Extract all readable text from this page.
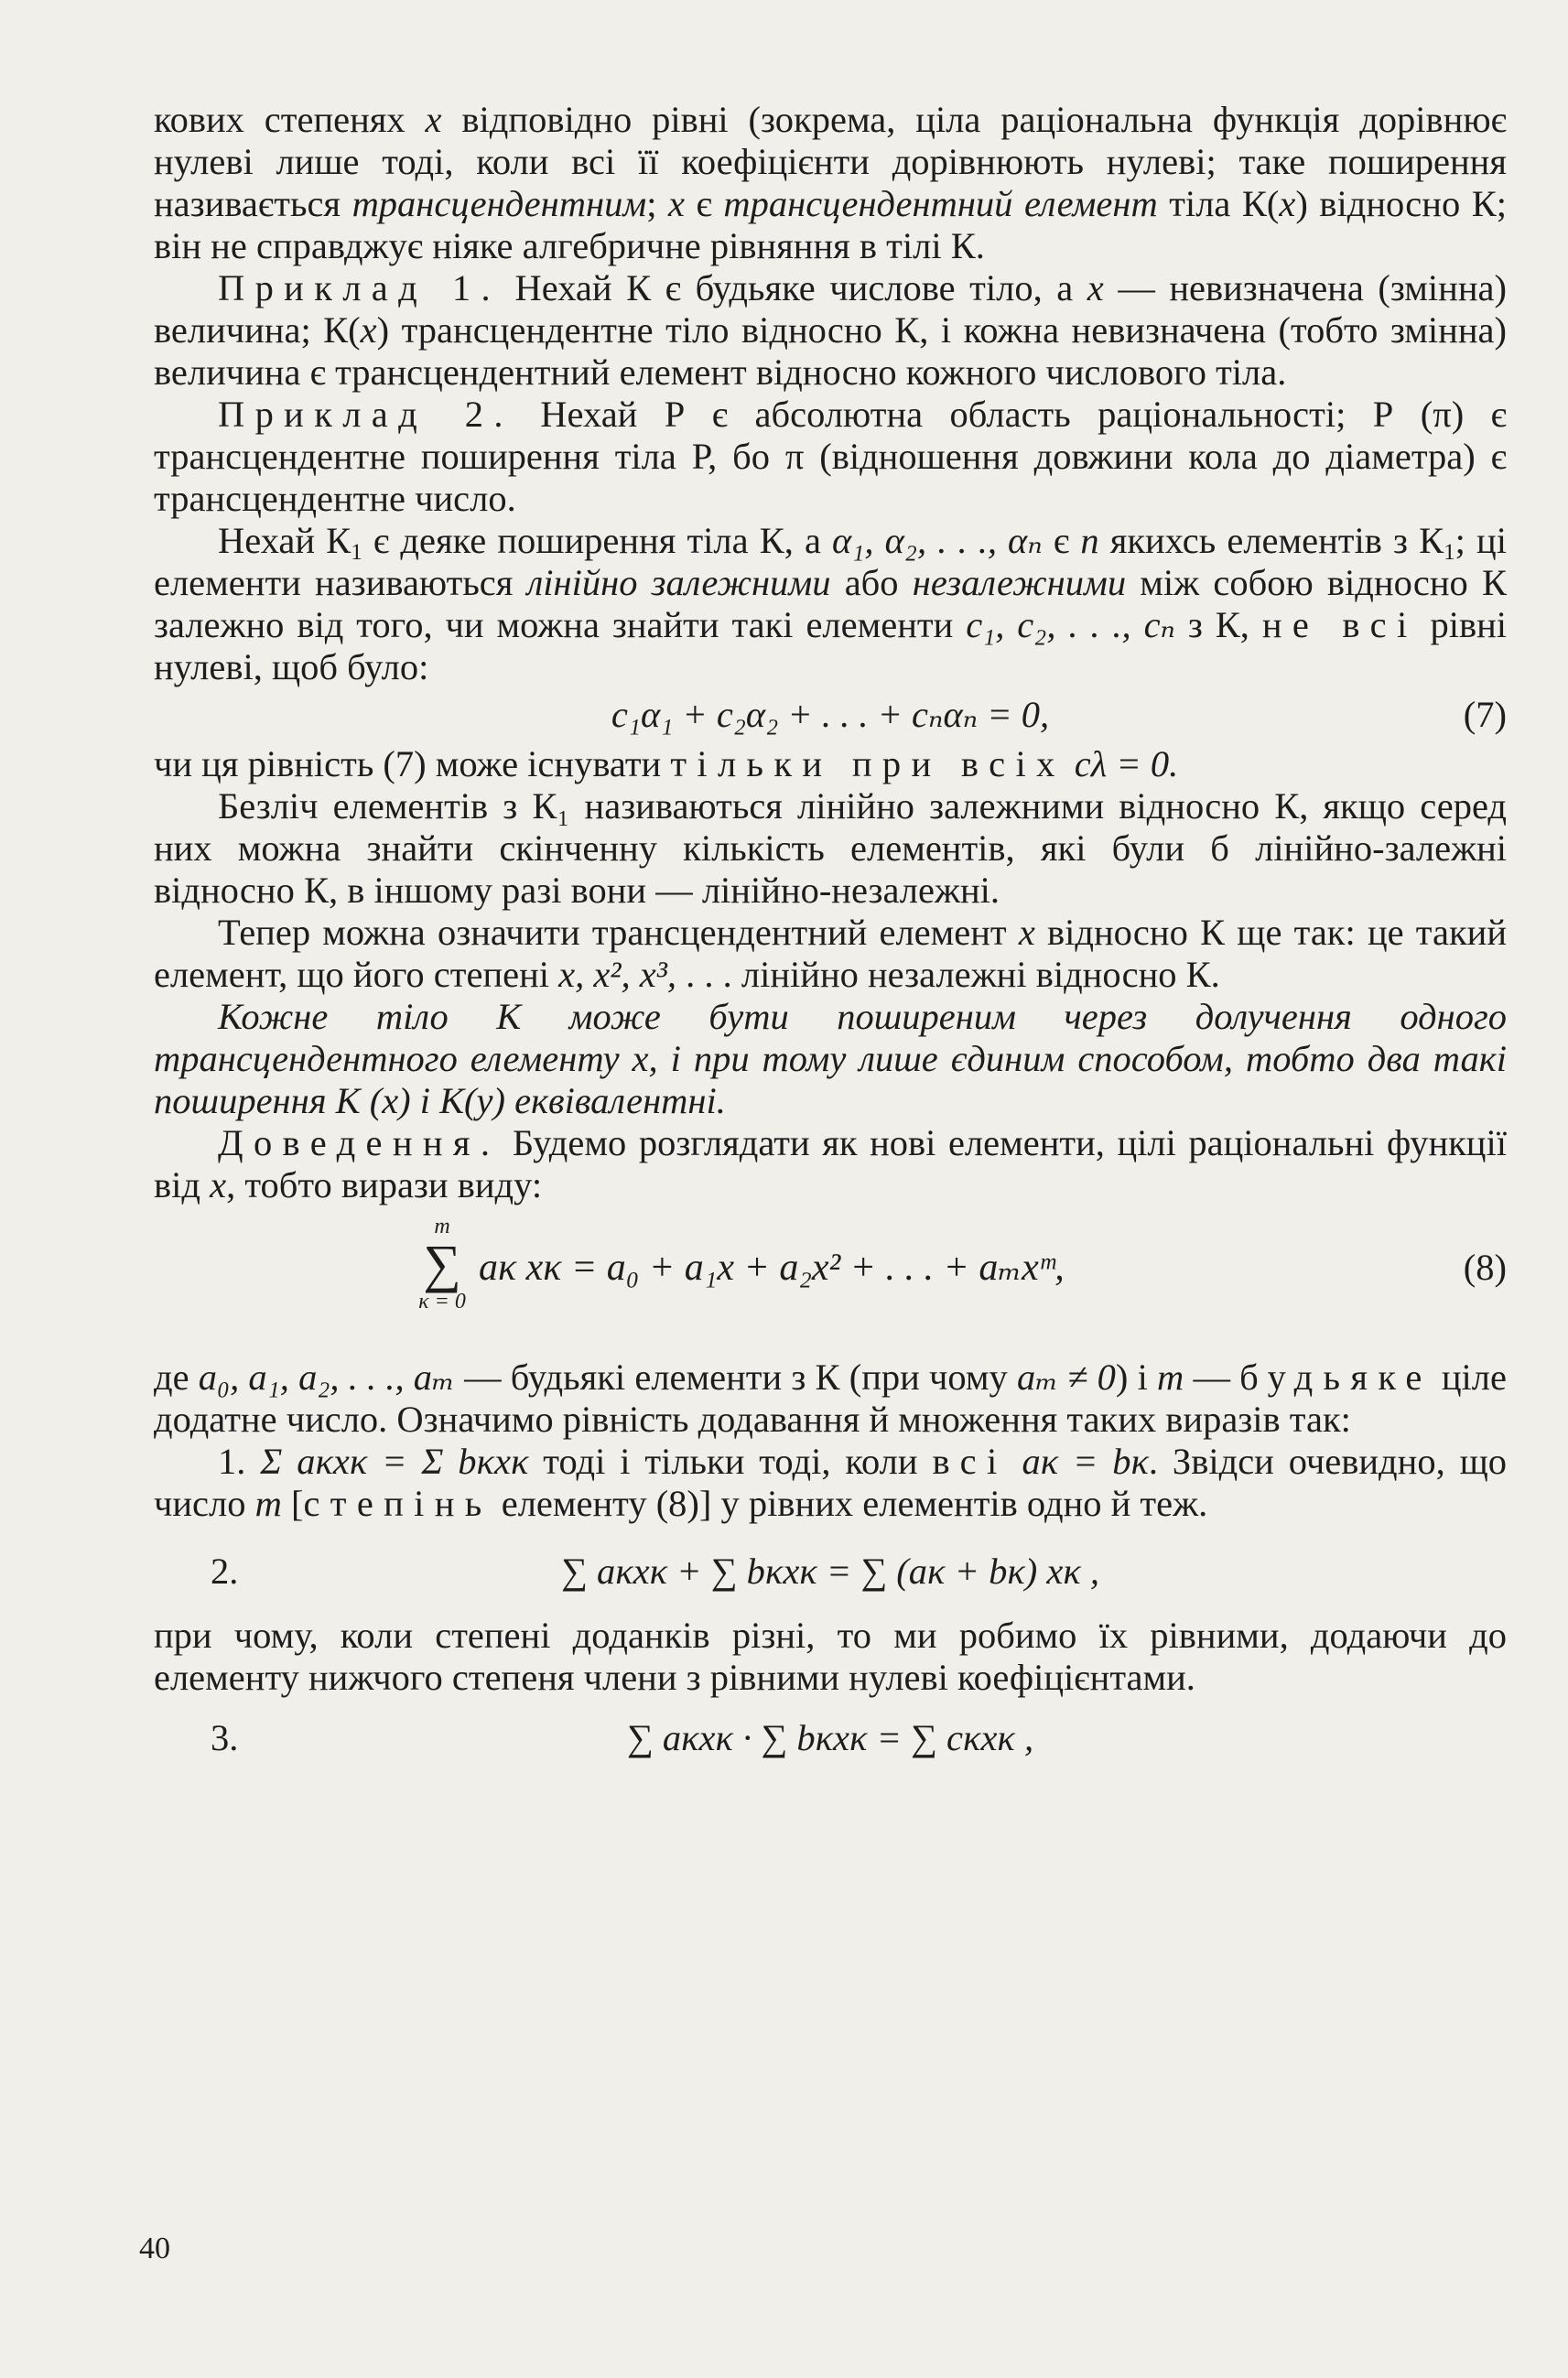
кових степенях x відповідно рівні (зокрема, ціла раціональна функція дорівнює нулеві лише тоді, коли всі її коефіцієнти дорівнюють нулеві; таке поширення називається трансцендентним; x є трансцендентний елемент тіла К(x) відносно К; він не справджує ніяке алгебричне рівняння в тілі К.

Приклад 1. Нехай К є будьяке числове тіло, а x — невизначена (змінна) величина; К(x) трансцендентне тіло відносно К, і кожна невизначена (тобто змінна) величина є трансцендентний елемент відносно кожного числового тіла.

Приклад 2. Нехай Р є абсолютна область раціональності; Р (π) є трансцендентне поширення тіла Р, бо π (відношення довжини кола до діаметра) є трансцендентне число.

Нехай $К_1$ є деяке поширення тіла К, а α₁, α₂, . . ., αₙ є n якихсь елементів з $К_1$; ці елементи називаються лінійно залежними або незалежними між собою відносно К залежно від того, чи можна знайти такі елементи c₁, c₂, . . ., cₙ з К, не всі рівні нулеві, щоб було:

c₁α₁ + c₂α₂ + . . . + cₙαₙ = 0,	(7)

чи ця рівність (7) може існувати тільки при всіх cλ = 0.

Безліч елементів з К₁ називаються лінійно залежними відносно К, якщо серед них можна знайти скінченну кількість елементів, які були б лінійно-залежні відносно К, в іншому разі вони — лінійно-незалежні.

Тепер можна означити трансцендентний елемент x відносно К ще так: це такий елемент, що його степені x, x², x³, . . . лінійно незалежні відносно К.

Кожне тіло К може бути поширеним через долучення одного трансцендентного елементу x, і при тому лише єдиним способом, тобто два такі поширення К (x) і К(y) еквівалентні.

Доведення. Будемо розглядати як нові елементи, цілі раціональні функції від x, тобто вирази виду:

m
∑
κ = 0
aκ xκ = a₀ + a₁x + a₂x² + . . . + aₘxᵐ,	(8)

де a₀, a₁, a₂, . . ., aₘ — будьякі елементи з К (при чому aₘ ≠ 0) і m — будьяке ціле додатне число. Означимо рівність додавання й множення таких виразів так:

1. Σ aκxκ = Σ bκxκ тоді і тільки тоді, коли всі aκ = bκ. Звідси очевидно, що число m [степінь елементу (8)] у рівних елементів одно й теж.

2.	∑ aκxκ + ∑ bκxκ = ∑ (aκ + bκ) xκ ,

при чому, коли степені доданків різні, то ми робимо їх рівними, додаючи до елементу нижчого степеня члени з рівними нулеві коефіцієнтами.

3.	∑ aκxκ · ∑ bκxκ = ∑ cκxκ ,
40
